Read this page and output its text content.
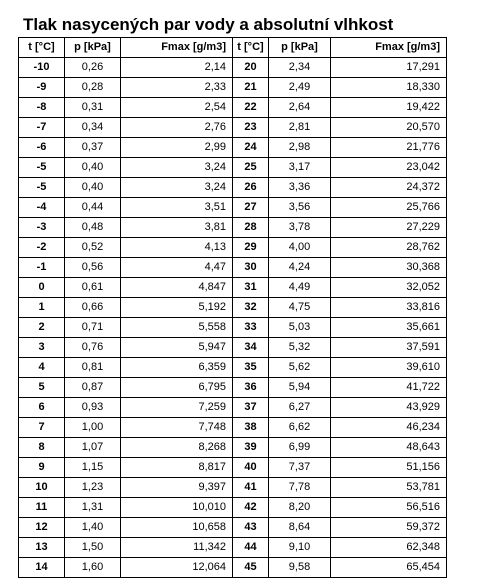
Tlak nasycených par vody a absolutní vlhkost
t [°C]	p [kPa]	Fmax [g/m3]	t [°C]	p [kPa]	Fmax [g/m3]
-10	0,26	2,14	20	2,34	17,291
-9	0,28	2,33	21	2,49	18,330
-8	0,31	2,54	22	2,64	19,422
-7	0,34	2,76	23	2,81	20,570
-6	0,37	2,99	24	2,98	21,776
-5	0,40	3,24	25	3,17	23,042
-5	0,40	3,24	26	3,36	24,372
-4	0,44	3,51	27	3,56	25,766
-3	0,48	3,81	28	3,78	27,229
-2	0,52	4,13	29	4,00	28,762
-1	0,56	4,47	30	4,24	30,368
0	0,61	4,847	31	4,49	32,052
1	0,66	5,192	32	4,75	33,816
2	0,71	5,558	33	5,03	35,661
3	0,76	5,947	34	5,32	37,591
4	0,81	6,359	35	5,62	39,610
5	0,87	6,795	36	5,94	41,722
6	0,93	7,259	37	6,27	43,929
7	1,00	7,748	38	6,62	46,234
8	1,07	8,268	39	6,99	48,643
9	1,15	8,817	40	7,37	51,156
10	1,23	9,397	41	7,78	53,781
11	1,31	10,010	42	8,20	56,516
12	1,40	10,658	43	8,64	59,372
13	1,50	11,342	44	9,10	62,348
14	1,60	12,064	45	9,58	65,454
